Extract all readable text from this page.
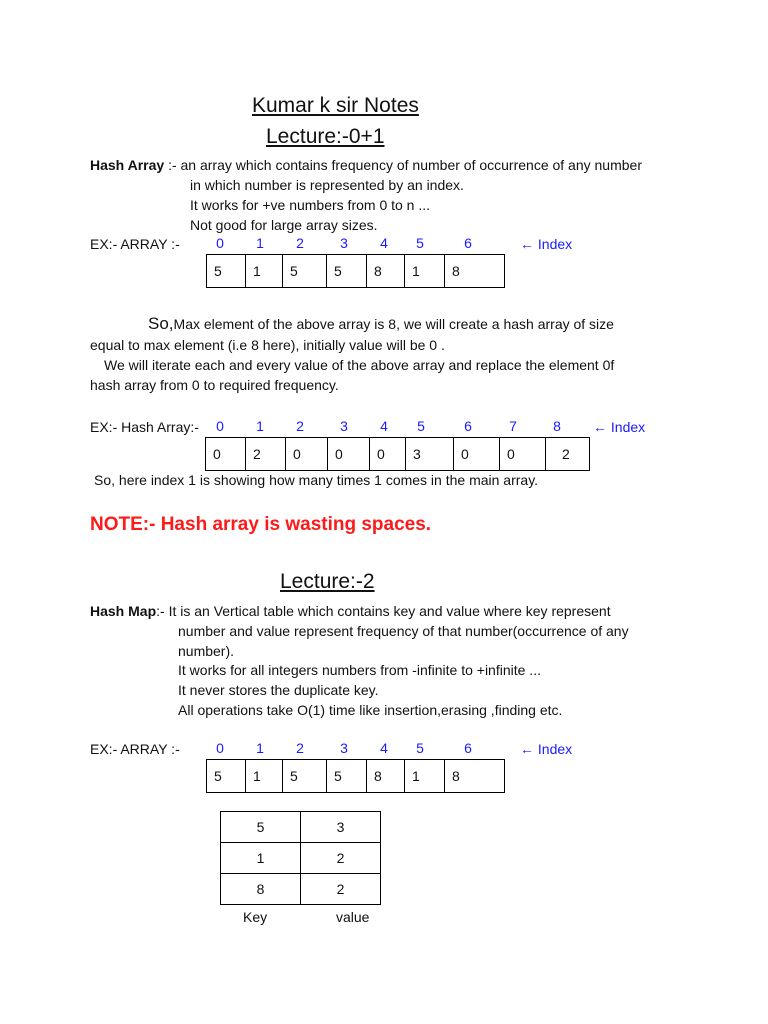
Kumar k sir Notes
Lecture:-0+1
Hash Array :- an array which contains frequency of number of occurrence of any number
in which number is represented by an index.
It works for +ve numbers from 0 to n ...
Not good for large array sizes.
EX:- ARRAY :-	0	1	2	3	4	5	6	← Index
5	1	5	5	8	1	8
So,Max element of the above array is 8, we will create a hash array of size
equal to max element (i.e 8 here), initially value will be 0 .
We will iterate each and every value of the above array and replace the element 0f
hash array from 0 to required frequency.
EX:- Hash Array:-	0	1	2	3	4	5	6	7	8	← Index
0	2	0	0	0	3	0	0	2
So, here index 1 is showing how many times 1 comes in the main array.
NOTE:- Hash array is wasting spaces.
Lecture:-2
Hash Map:- It is an Vertical table which contains key and value where key represent
number and value represent frequency of that number(occurrence of any
number).
It works for all integers numbers from -infinite to +infinite ...
It never stores the duplicate key.
All operations take O(1) time like insertion,erasing ,finding etc.
EX:- ARRAY :-	0	1	2	3	4	5	6	← Index
5	1	5	5	8	1	8
5	3
1	2
8	2
Key	value
